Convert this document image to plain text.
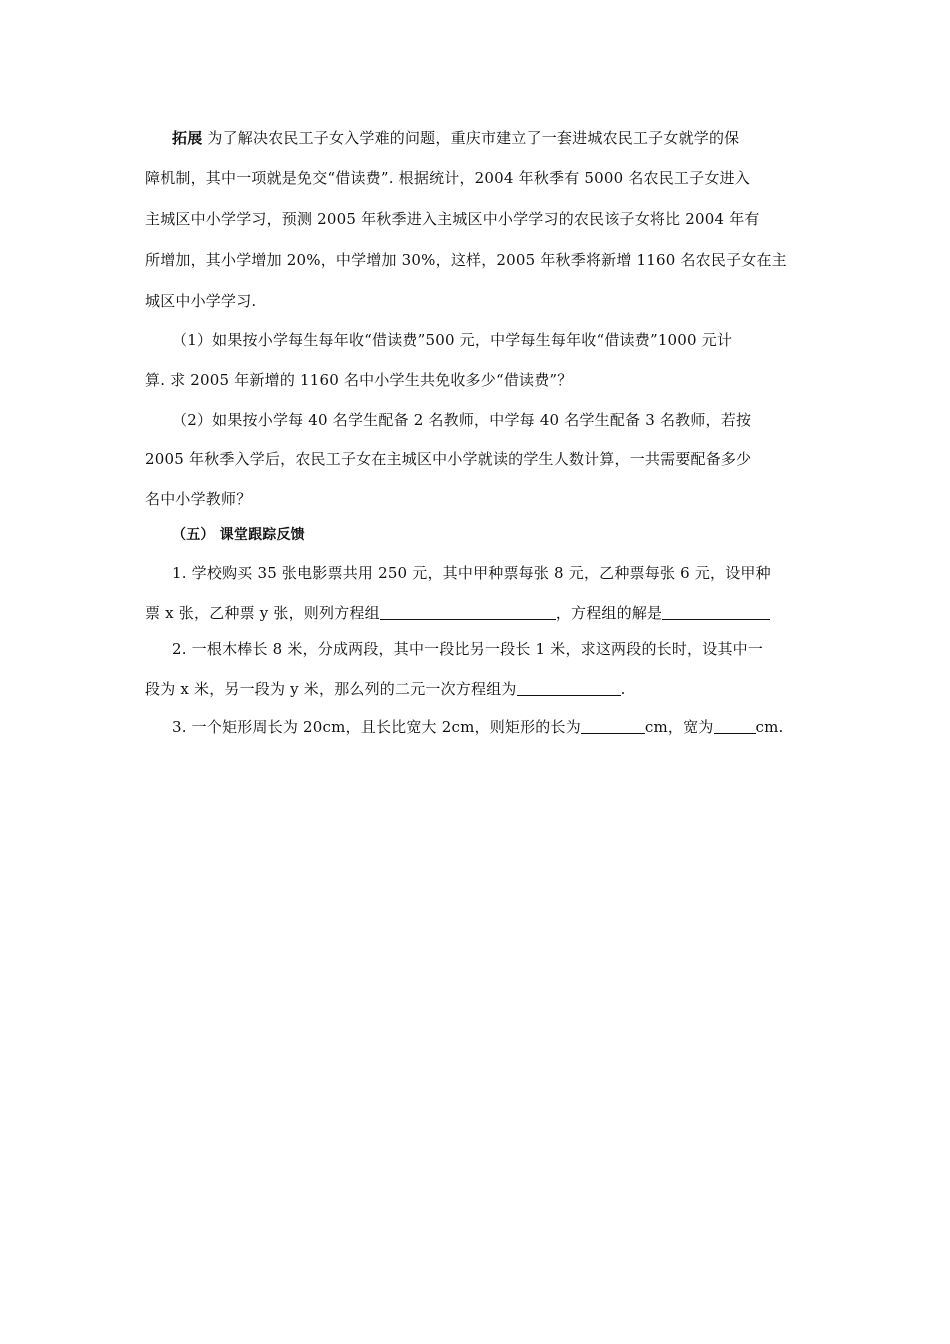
拓展 为了解决农民工子女入学难的问题，重庆市建立了一套进城农民工子女就学的保
障机制，其中一项就是免交“借读费”. 根据统计，2004 年秋季有 5000 名农民工子女进入
主城区中小学学习，预测 2005 年秋季进入主城区中小学学习的农民该子女将比 2004 年有
所增加，其小学增加 20%，中学增加 30%，这样，2005 年秋季将新增 1160 名农民子女在主
城区中小学学习.
（1）如果按小学每生每年收“借读费”500 元，中学每生每年收“借读费”1000 元计
算. 求 2005 年新增的 1160 名中小学生共免收多少“借读费”？
（2）如果按小学每 40 名学生配备 2 名教师，中学每 40 名学生配备 3 名教师，若按
2005 年秋季入学后，农民工子女在主城区中小学就读的学生人数计算，一共需要配备多少
名中小学教师？
（五） 课堂跟踪反馈
1. 学校购买 35 张电影票共用 250 元，其中甲种票每张 8 元，乙种票每张 6 元，设甲种
票 x 张，乙种票 y 张，则列方程组	，方程组的解是
2. 一根木棒长 8 米，分成两段，其中一段比另一段长 1 米，求这两段的长时，设其中一
段为 x 米，另一段为 y 米，那么列的二元一次方程组为	.
3. 一个矩形周长为 20cm，且长比宽大 2cm，则矩形的长为	cm，宽为	cm.
